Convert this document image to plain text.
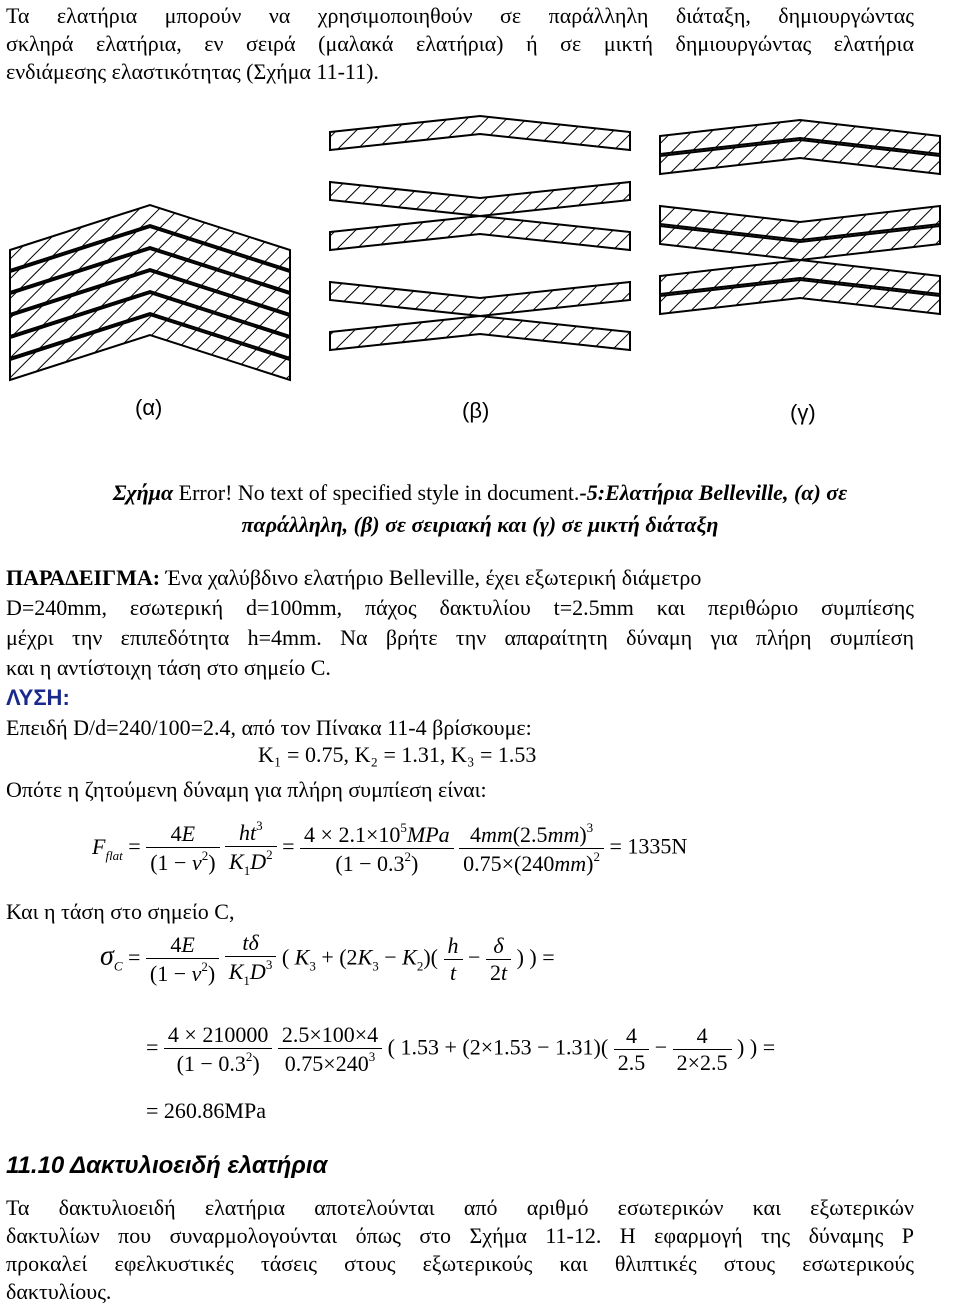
Τα ελατήρια μπορούν να χρησιμοποιηθούν σε παράλληλη διάταξη, δημιουργώντας
σκληρά ελατήρια, εν σειρά (μαλακά ελατήρια) ή σε μικτή δημιουργώντας ελατήρια
ενδιάμεσης ελαστικότητας (Σχήμα 11-11).
(α)	(β)	(γ)
Σχήμα Error! No text of specified style in document.-5:Ελατήρια Belleville, (α) σε
παράλληλη, (β) σε σειριακή και (γ) σε μικτή διάταξη
ΠΑΡΑΔΕΙΓΜΑ: Ένα χαλύβδινο ελατήριο Belleville, έχει εξωτερική διάμετρο
D=240mm, εσωτερική d=100mm, πάχος δακτυλίου t=2.5mm και περιθώριο συμπίεσης
μέχρι την επιπεδότητα h=4mm. Να βρήτε την απαραίτητη δύναμη για πλήρη συμπίεση
και η αντίστοιχη τάση στο σημείο C.
ΛΥΣΗ:
Επειδή D/d=240/100=2.4, από τον Πίνακα 11-4 βρίσκουμε:
K₁ = 0.75, K₂ = 1.31, K₃ = 1.53
Οπότε η ζητούμενη δύναμη για πλήρη συμπίεση είναι:
$F_{flat} = \frac{4E}{(1 - \nu^2)}$
$\frac{ht^3}{K_1D^2} = \frac{4 \times 2.1\times 10^5MPa}{(1 - 0.3^2)}$
$\frac{4mm(2.5mm)^3}{0.75\times(240mm)^2} = 1335N$
Και η τάση στο σημείο C,
$\sigma_C = \frac{4E}{(1 - \nu^2)}$
$\frac{t\delta}{K_1D^3}$ ( $K_3 + (2K_3 - K_2)( \frac{h}{t} - \frac{\delta}{2t}$ ) ) =
= $\frac{4 \times 210000}{(1 - 0.3^2)}$
$\frac{2.5\times 100\times 4}{0.75\times 240^3}$ ( $1.53 + (2\times 1.53 - 1.31)( \frac{4}{2.5} - \frac{4}{2\times 2.5}$ ) ) =
= 260.86MPa
11.10 Δακτυλιοειδή ελατήρια
Τα δακτυλιοειδή ελατήρια αποτελούνται από αριθμό εσωτερικών και εξωτερικών
δακτυλίων που συναρμολογούνται όπως στο Σχήμα 11-12. Η εφαρμογή της δύναμης P
προκαλεί εφελκυστικές τάσεις στους εξωτερικούς και θλιπτικές στους εσωτερικούς
δακτυλίους.
